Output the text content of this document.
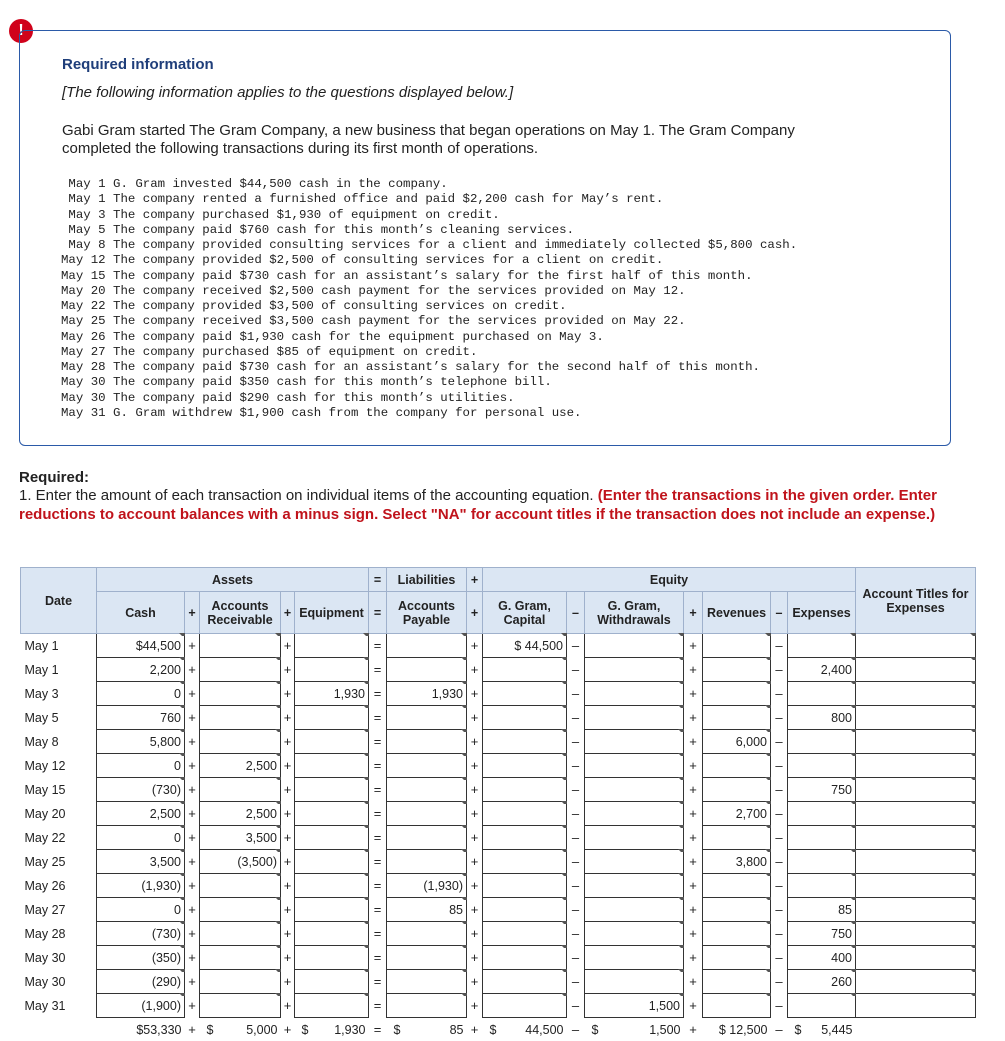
!
Required information
[The following information applies to the questions displayed below.]
Gabi Gram started The Gram Company, a new business that began operations on May 1. The Gram Company completed the following transactions during its first month of operations.
May 1 G. Gram invested $44,500 cash in the company.
May 1 The company rented a furnished office and paid $2,200 cash for May’s rent.
May 3 The company purchased $1,930 of equipment on credit.
May 5 The company paid $760 cash for this month’s cleaning services.
May 8 The company provided consulting services for a client and immediately collected $5,800 cash.
May 12 The company provided $2,500 of consulting services for a client on credit.
May 15 The company paid $730 cash for an assistant’s salary for the first half of this month.
May 20 The company received $2,500 cash payment for the services provided on May 12.
May 22 The company provided $3,500 of consulting services on credit.
May 25 The company received $3,500 cash payment for the services provided on May 22.
May 26 The company paid $1,930 cash for the equipment purchased on May 3.
May 27 The company purchased $85 of equipment on credit.
May 28 The company paid $730 cash for an assistant’s salary for the second half of this month.
May 30 The company paid $350 cash for this month’s telephone bill.
May 30 The company paid $290 cash for this month’s utilities.
May 31 G. Gram withdrew $1,900 cash from the company for personal use.
Required:
1. Enter the amount of each transaction on individual items of the accounting equation. (Enter the transactions in the given order. Enter reductions to account balances with a minus sign. Select "NA" for account titles if the transaction does not include an expense.)
Date	Assets					=	Liabilities	+	Equity							Account Titles for Expenses
	Cash	+	Accounts Receivable	+	Equipment	=	Accounts Payable	+	G. Gram, Capital	–	G. Gram, Withdrawals	+	Revenues	–	Expenses	
May 1	$44,500	+		+		=		+	$ 44,500	–		+		–		
May 1	2,200	+		+		=		+		–		+		–	2,400	
May 3	0	+		+	1,930	=	1,930	+		–		+		–		
May 5	760	+		+		=		+		–		+		–	800	
May 8	5,800	+		+		=		+		–		+	6,000	–		
May 12	0	+	2,500	+		=		+		–		+		–		
May 15	(730)	+		+		=		+		–		+		–	750	
May 20	2,500	+	2,500	+		=		+		–		+	2,700	–		
May 22	0	+	3,500	+		=		+		–		+		–		
May 25	3,500	+	(3,500)	+		=		+		–		+	3,800	–		
May 26	(1,930)	+		+		=	(1,930)	+		–		+		–		
May 27	0	+		+		=	85	+		–		+		–	85	
May 28	(730)	+		+		=		+		–		+		–	750	
May 30	(350)	+		+		=		+		–		+		–	400	
May 30	(290)	+		+		=		+		–		+		–	260	
May 31	(1,900)	+		+		=		+		–	1,500	+		–		
	$53,330	+	$ 5,000	+	$ 1,930	=	$ 85	+	$ 44,500	–	$ 1,500	+	$ 12,500	–	$ 5,445	
